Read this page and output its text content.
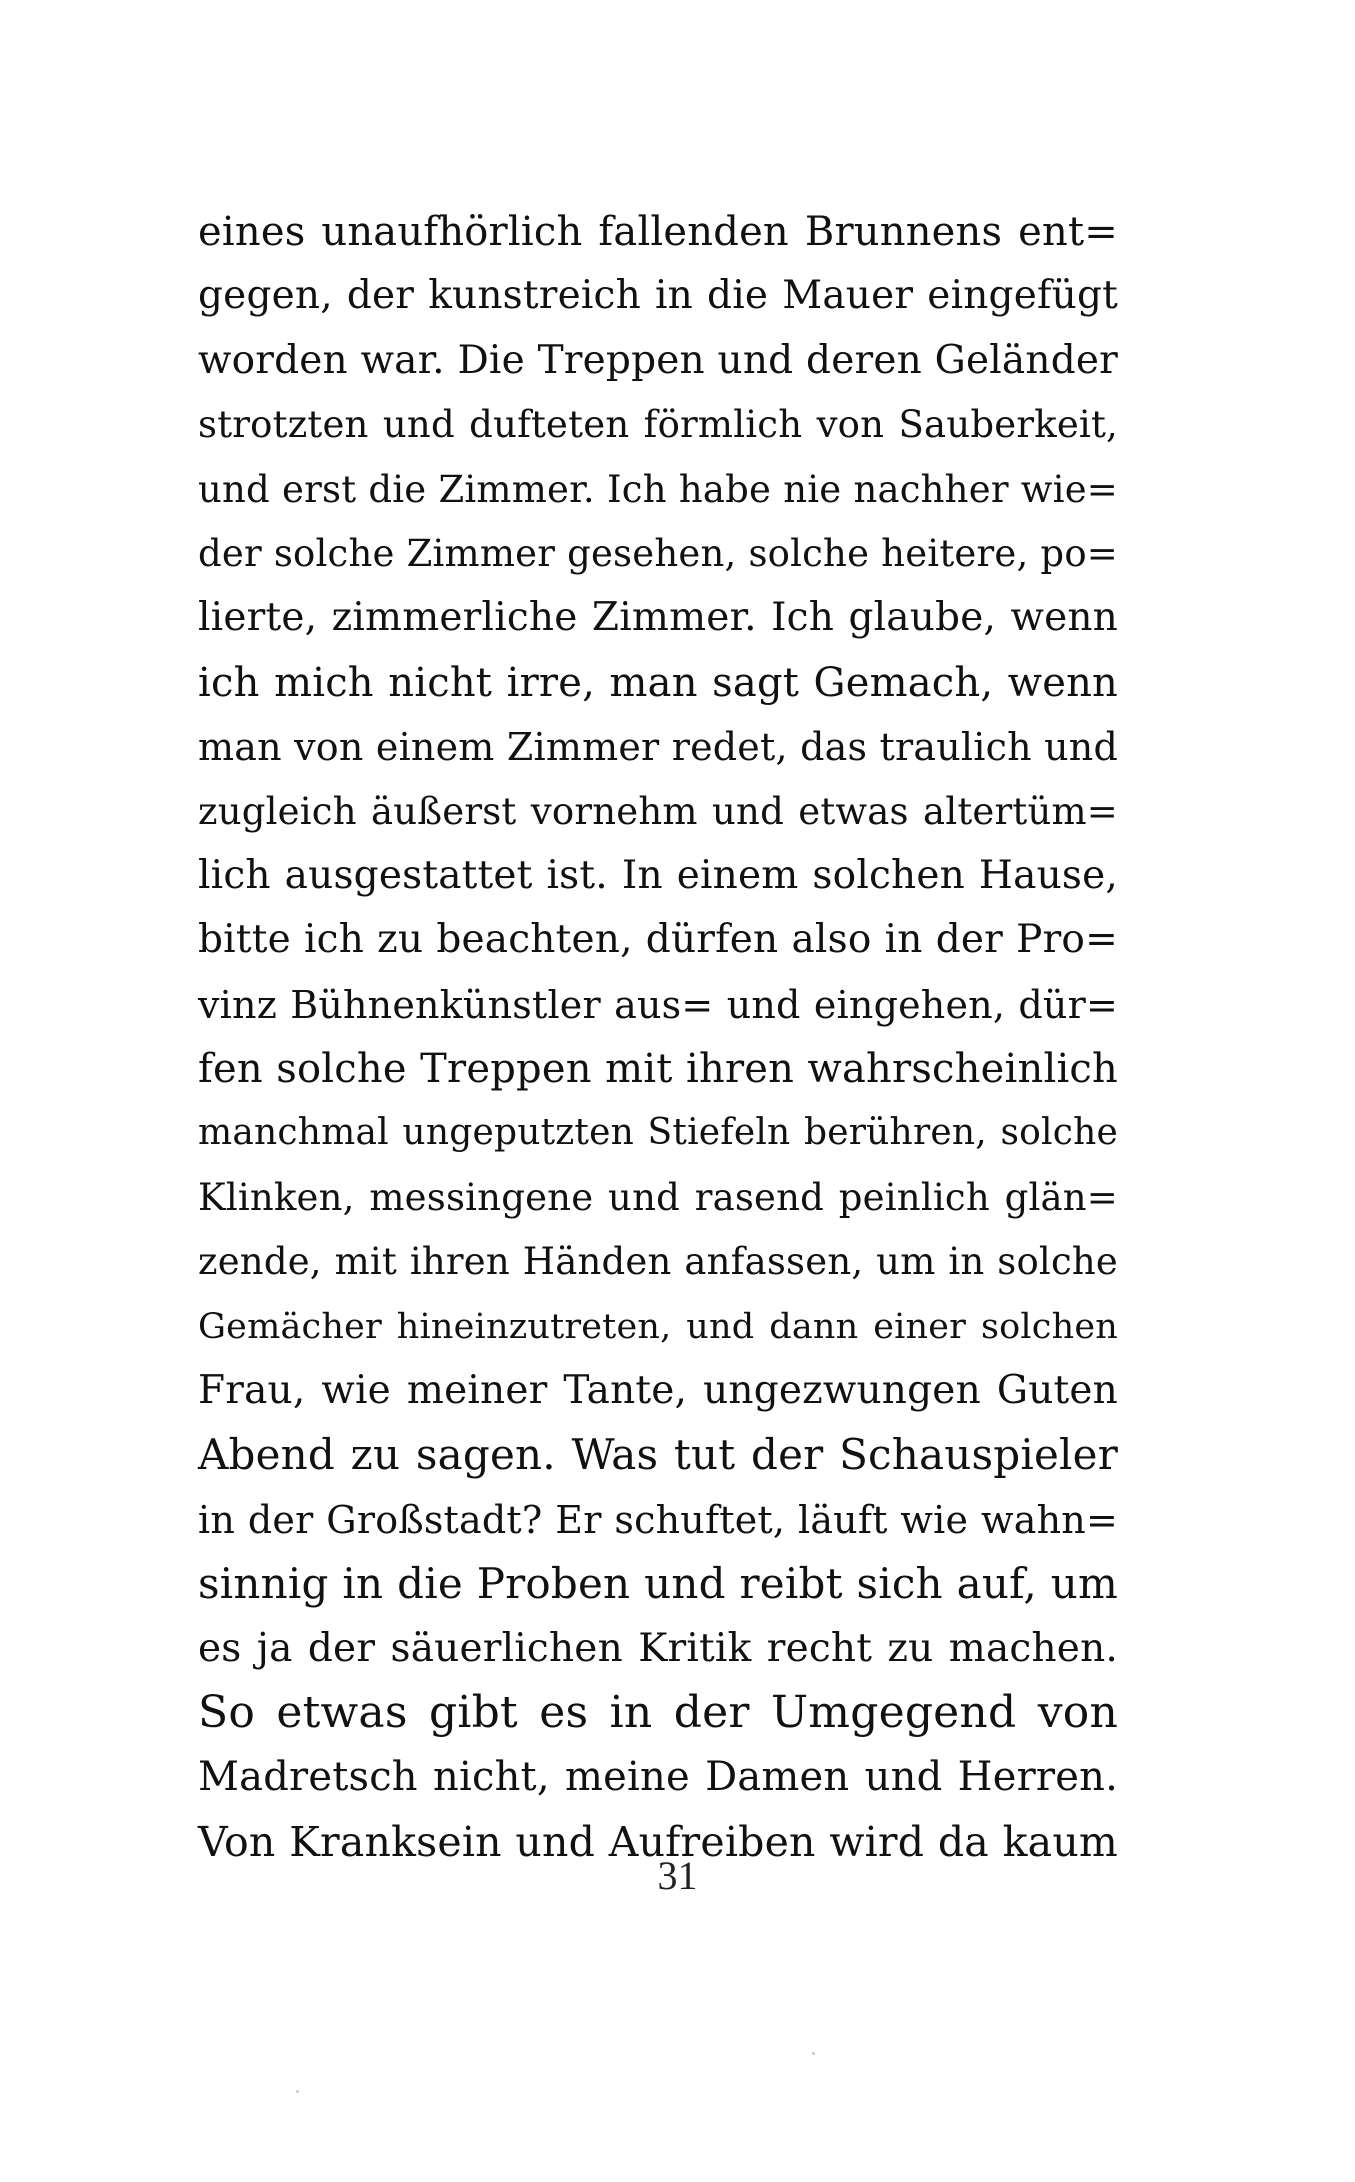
eines unaufhörlich fallenden Brunnens ent=
gegen, der kunstreich in die Mauer eingefügt
worden war. Die Treppen und deren Geländer
strotzten und dufteten förmlich von Sauberkeit,
und erst die Zimmer. Ich habe nie nachher wie=
der solche Zimmer gesehen, solche heitere, po=
lierte, zimmerliche Zimmer. Ich glaube, wenn
ich mich nicht irre, man sagt Gemach, wenn
man von einem Zimmer redet, das traulich und
zugleich äußerst vornehm und etwas altertüm=
lich ausgestattet ist. In einem solchen Hause,
bitte ich zu beachten, dürfen also in der Pro=
vinz Bühnenkünstler aus= und eingehen, dür=
fen solche Treppen mit ihren wahrscheinlich
manchmal ungeputzten Stiefeln berühren, solche
Klinken, messingene und rasend peinlich glän=
zende, mit ihren Händen anfassen, um in solche
Gemächer hineinzutreten, und dann einer solchen
Frau, wie meiner Tante, ungezwungen Guten
Abend zu sagen. Was tut der Schauspieler
in der Großstadt? Er schuftet, läuft wie wahn=
sinnig in die Proben und reibt sich auf, um
es ja der säuerlichen Kritik recht zu machen.
So etwas gibt es in der Umgegend von
Madretsch nicht, meine Damen und Herren.
Von Kranksein und Aufreiben wird da kaum
31
